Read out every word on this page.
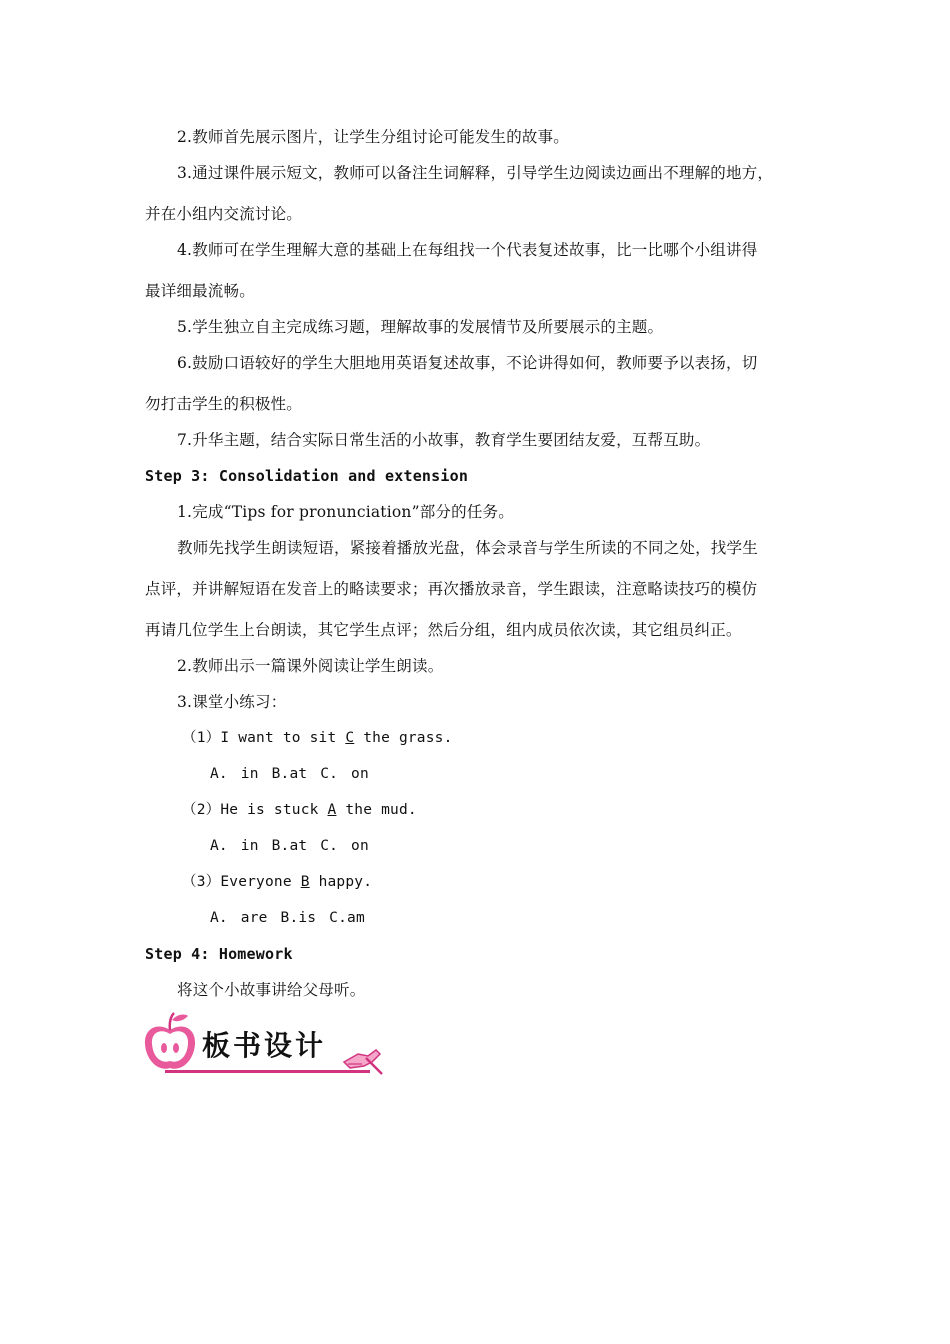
2.教师首先展示图片，让学生分组讨论可能发生的故事。
3.通过课件展示短文，教师可以备注生词解释，引导学生边阅读边画出不理解的地方，
并在小组内交流讨论。
4.教师可在学生理解大意的基础上在每组找一个代表复述故事，比一比哪个小组讲得
最详细最流畅。
5.学生独立自主完成练习题，理解故事的发展情节及所要展示的主题。
6.鼓励口语较好的学生大胆地用英语复述故事，不论讲得如何，教师要予以表扬，切
勿打击学生的积极性。
7.升华主题，结合实际日常生活的小故事，教育学生要团结友爱，互帮互助。
Step 3: Consolidation and extension
1.完成“Tips for pronunciation”部分的任务。
教师先找学生朗读短语，紧接着播放光盘，体会录音与学生所读的不同之处，找学生
点评，并讲解短语在发音上的略读要求；再次播放录音，学生跟读，注意略读技巧的模仿
再请几位学生上台朗读，其它学生点评；然后分组，组内成员依次读，其它组员纠正。
2.教师出示一篇课外阅读让学生朗读。
3.课堂小练习：
（1）I want to sit C the grass.
A. in B.at C. on
（2）He is stuck A the mud.
A. in B.at C. on
（3）Everyone B happy.
A. are B.is C.am
Step 4: Homework
将这个小故事讲给父母听。
板书设计
